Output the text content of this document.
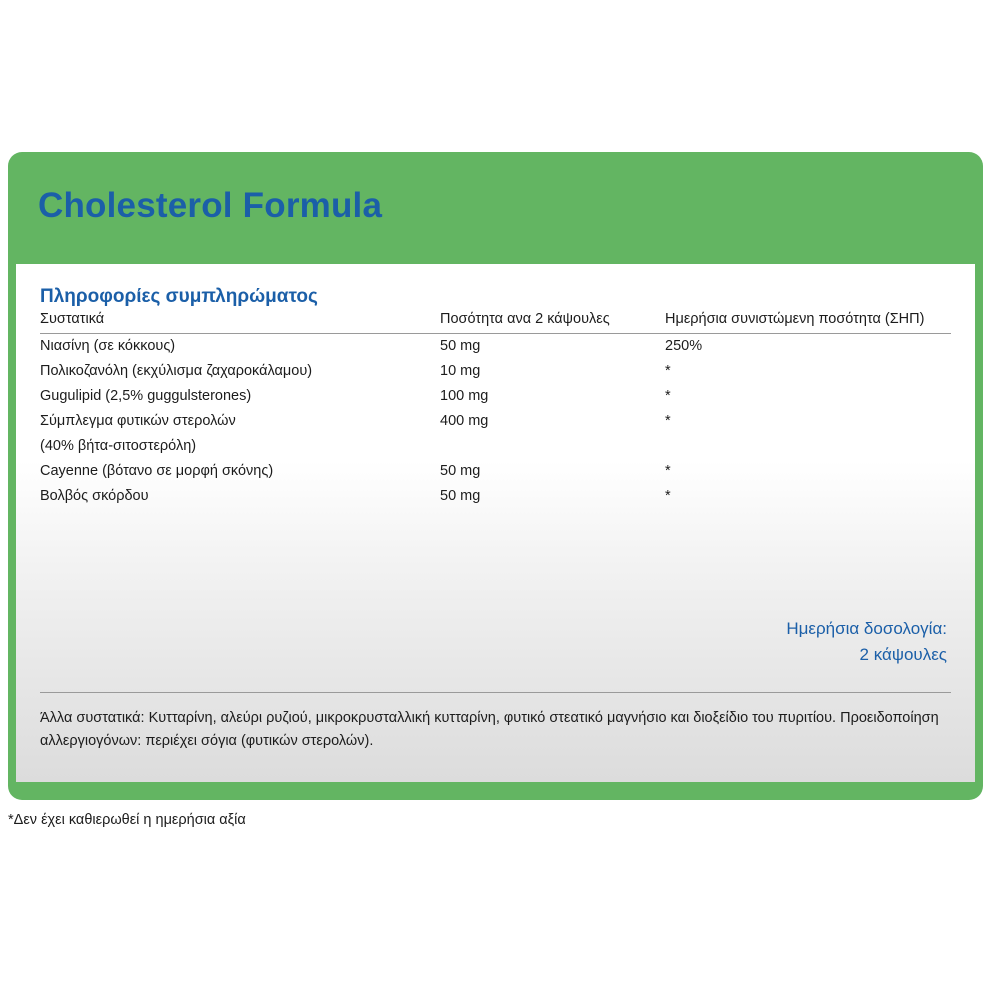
Cholesterol Formula
Πληροφορίες συμπληρώματος
Συστατικά	Ποσότητα ανα 2 κάψουλες	Ημερήσια συνιστώμενη ποσότητα (ΣΗΠ)
Νιασίνη (σε κόκκους)	50 mg	250%
Πολικοζανόλη (εκχύλισμα ζαχαροκάλαμου)	10 mg	*
Gugulipid (2,5% guggulsterones)	100 mg	*
Σύμπλεγμα φυτικών στερολών	400 mg	*
(40% βήτα-σιτοστερόλη)		
Cayenne (βότανο σε μορφή σκόνης)	50 mg	*
Βολβός σκόρδου	50 mg	*
Ημερήσια δοσολογία:
2 κάψουλες
Άλλα συστατικά: Κυτταρίνη, αλεύρι ρυζιού, μικροκρυσταλλική κυτταρίνη, φυτικό στεατικό μαγνήσιο και διοξείδιο του πυριτίου. Προειδοποίηση αλλεργιογόνων: περιέχει σόγια (φυτικών στερολών).
*Δεν έχει καθιερωθεί η ημερήσια αξία
